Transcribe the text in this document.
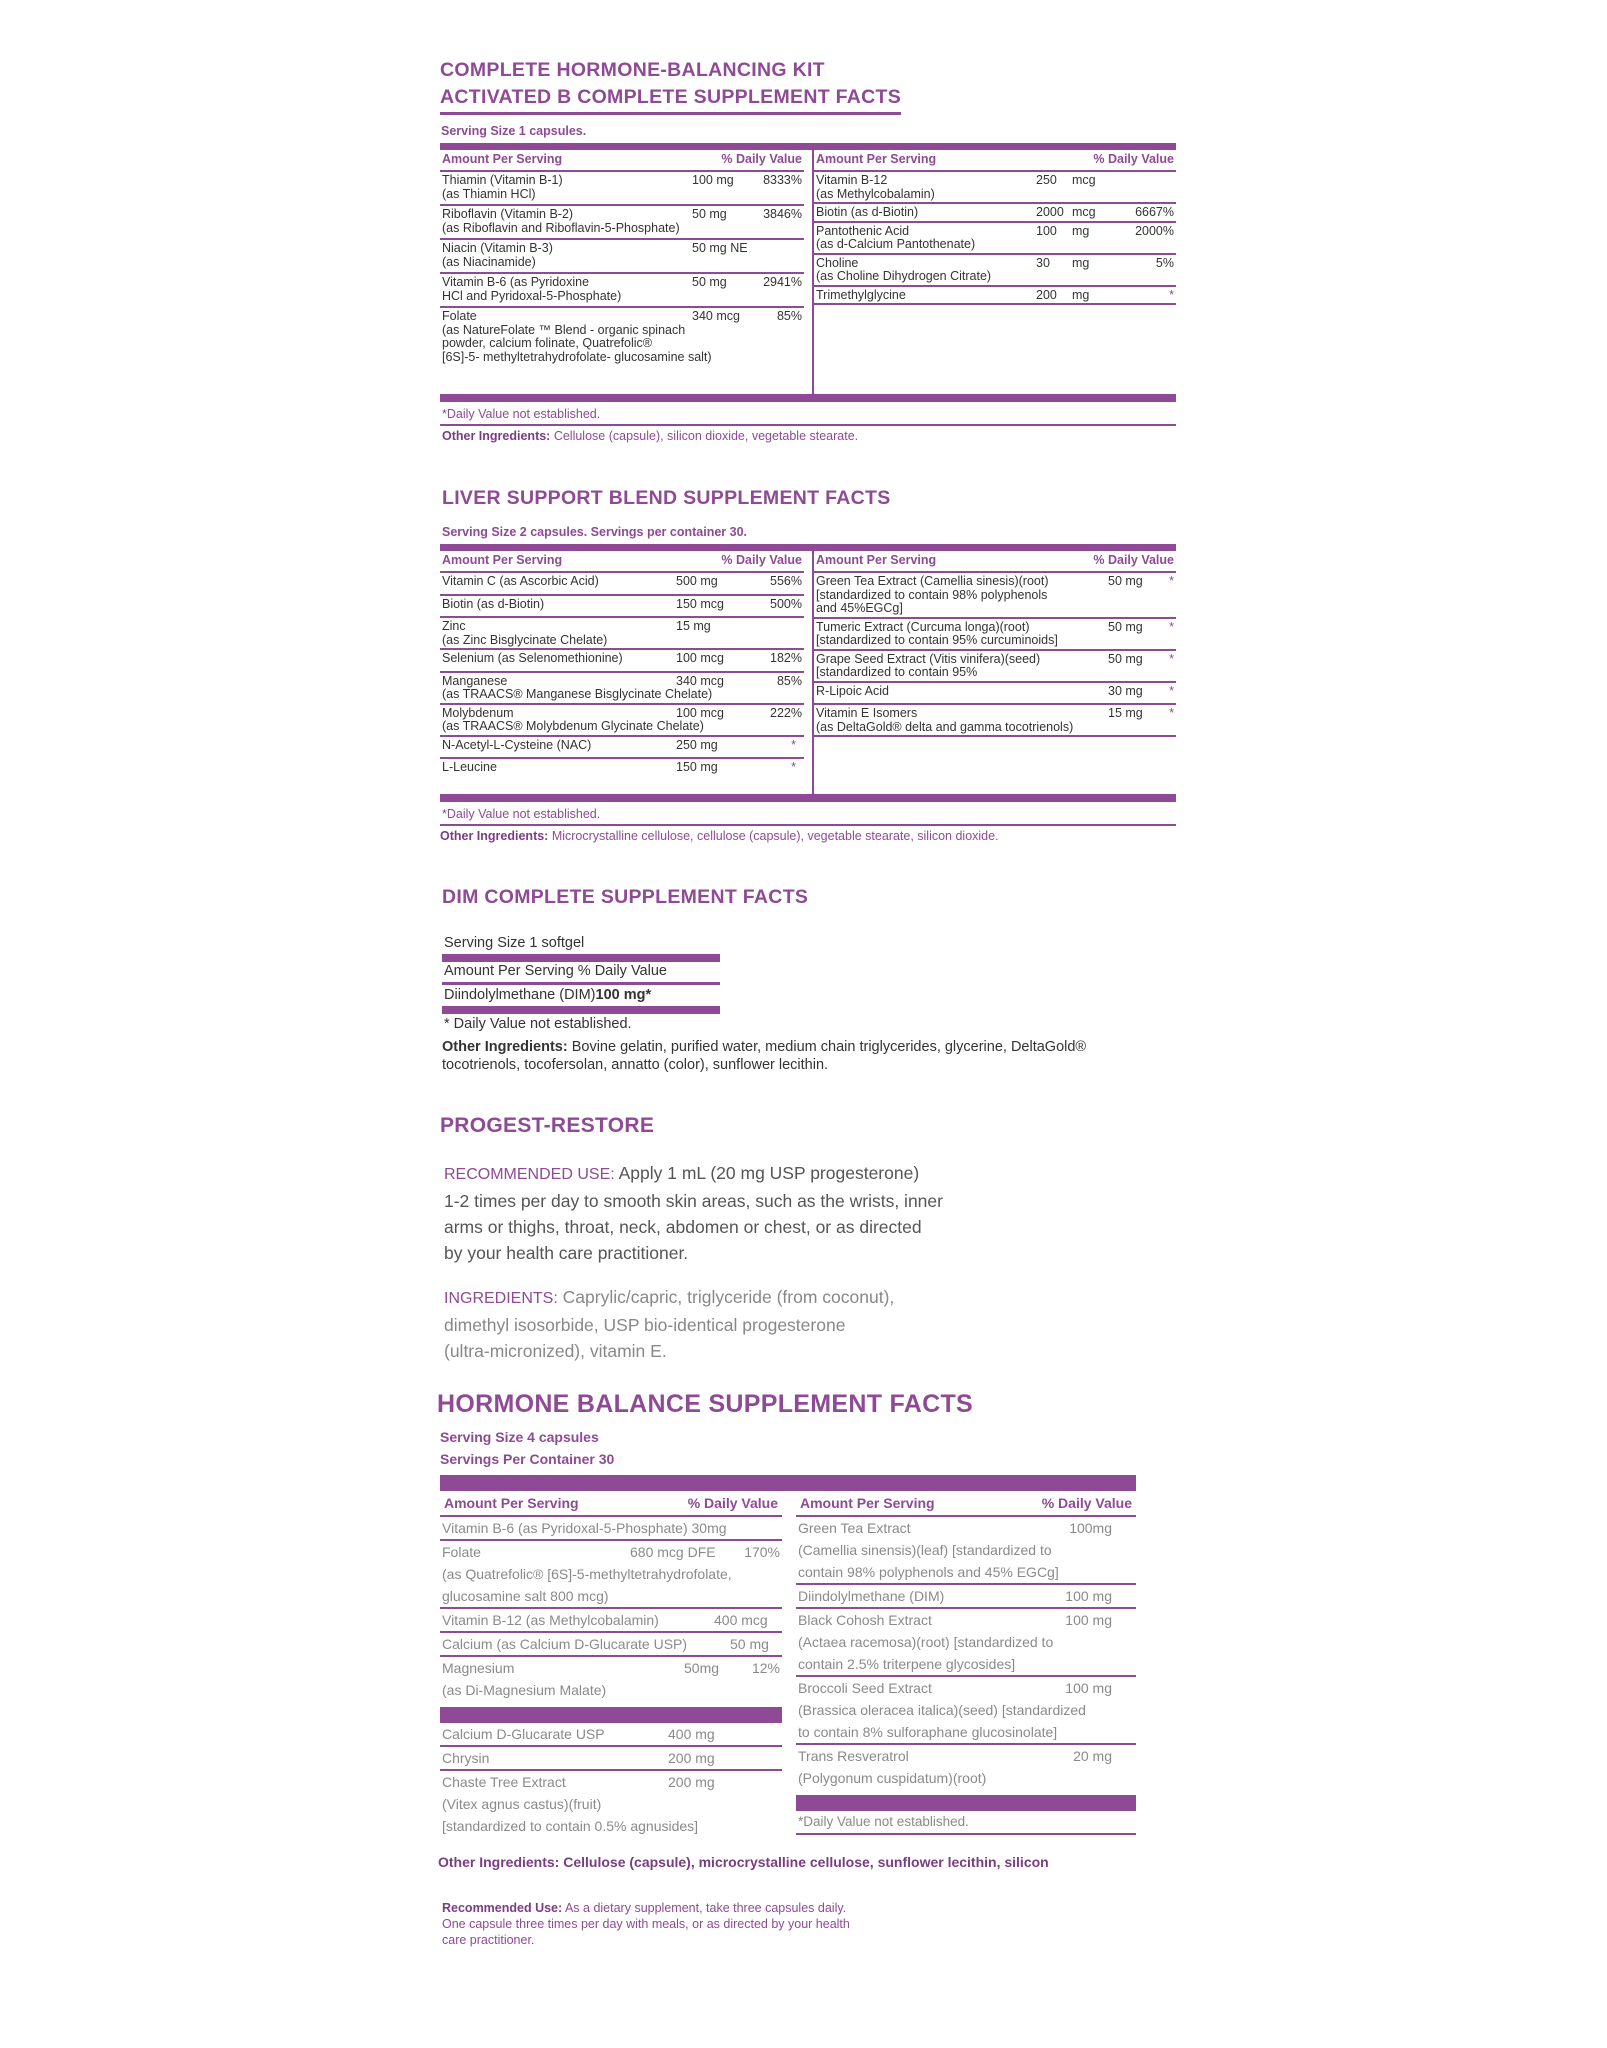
COMPLETE HORMONE-BALANCING KIT
ACTIVATED B COMPLETE SUPPLEMENT FACTS
Serving Size 1 capsules.
Amount Per Serving	% Daily Value
Thiamin (Vitamin B-1)
(as Thiamin HCl)
100 mg 8333%
Riboflavin (Vitamin B-2)
(as Riboflavin and Riboflavin-5-Phosphate)
50 mg	3846%
Niacin (Vitamin B-3)
(as Niacinamide)
50 mg NE
Vitamin B-6 (as Pyridoxine
HCl and Pyridoxal-5-Phosphate)
50 mg	2941%
Folate
(as NatureFolate ™ Blend - organic spinach
powder, calcium folinate, Quatrefolic®
[6S]-5- methyltetrahydrofolate- glucosamine salt)
340 mcg	85%
Amount Per Serving	% Daily Value
Vitamin B-12
(as Methylcobalamin)
250 mcg
Biotin (as d-Biotin)	2000 mcg	6667%
Pantothenic Acid
(as d-Calcium Pantothenate)
100 mg	2000%
Choline
(as Choline Dihydrogen Citrate)
30 mg	5%
Trimethylglycine	200 mg	*
*Daily Value not established.
Other Ingredients: Cellulose (capsule), silicon dioxide, vegetable stearate.
LIVER SUPPORT BLEND SUPPLEMENT FACTS
Serving Size 2 capsules. Servings per container 30.
Amount Per Serving	% Daily Value
Vitamin C (as Ascorbic Acid)	500 mg	556%
Biotin (as d-Biotin)	150 mcg	500%
Zinc
(as Zinc Bisglycinate Chelate)
15 mg
Selenium (as Selenomethionine)	100 mcg	182%
Manganese
(as TRAACS® Manganese Bisglycinate Chelate)
340 mcg	85%
Molybdenum
(as TRAACS® Molybdenum Glycinate Chelate)
100 mcg	222%
N-Acetyl-L-Cysteine (NAC)	250 mg	*
L-Leucine	150 mg	*
Amount Per Serving	% Daily Value
Green Tea Extract (Camellia sinesis)(root)
[standardized to contain 98% polyphenols
and 45%EGCg]
50 mg *
Tumeric Extract (Curcuma longa)(root)
[standardized to contain 95% curcuminoids]
50 mg *
Grape Seed Extract (Vitis vinifera)(seed)
[standardized to contain 95%
50 mg *
R-Lipoic Acid	30 mg *
Vitamin E Isomers
(as DeltaGold® delta and gamma tocotrienols)
15 mg *
*Daily Value not established.
Other Ingredients: Microcrystalline cellulose, cellulose (capsule), vegetable stearate, silicon dioxide.
DIM COMPLETE SUPPLEMENT FACTS
Serving Size 1 softgel
Amount Per Serving % Daily Value
Diindolylmethane (DIM)100 mg*
* Daily Value not established.
Other Ingredients: Bovine gelatin, purified water, medium chain triglycerides, glycerine, DeltaGold®
tocotrienols, tocofersolan, annatto (color), sunflower lecithin.
PROGEST-RESTORE
RECOMMENDED USE: Apply 1 mL (20 mg USP progesterone)
1-2 times per day to smooth skin areas, such as the wrists, inner
arms or thighs, throat, neck, abdomen or chest, or as directed
by your health care practitioner.
INGREDIENTS: Caprylic/capric, triglyceride (from coconut),
dimethyl isosorbide, USP bio-identical progesterone
(ultra-micronized), vitamin E.
HORMONE BALANCE SUPPLEMENT FACTS
Serving Size 4 capsules
Servings Per Container 30
Amount Per Serving	% Daily Value
Vitamin B-6 (as Pyridoxal-5-Phosphate) 30mg
Folate
(as Quatrefolic® [6S]-5-methyltetrahydrofolate,
glucosamine salt 800 mcg)
680 mcg DFE 170%
Vitamin B-12 (as Methylcobalamin)	400 mcg
Calcium (as Calcium D-Glucarate USP)	50 mg
Magnesium
(as Di-Magnesium Malate)
50mg 12%
Calcium D-Glucarate USP	400 mg
Chrysin	200 mg
Chaste Tree Extract
(Vitex agnus castus)(fruit)
[standardized to contain 0.5% agnusides]
200 mg
Amount Per Serving	% Daily Value
Green Tea Extract
(Camellia sinensis)(leaf) [standardized to
contain 98% polyphenols and 45% EGCg]
100mg
Diindolylmethane (DIM)	100 mg
Black Cohosh Extract
(Actaea racemosa)(root) [standardized to
contain 2.5% triterpene glycosides]
100 mg
Broccoli Seed Extract
(Brassica oleracea italica)(seed) [standardized
to contain 8% sulforaphane glucosinolate]
100 mg
Trans Resveratrol
(Polygonum cuspidatum)(root)
20 mg
*Daily Value not established.
Other Ingredients: Cellulose (capsule), microcrystalline cellulose, sunflower lecithin, silicon
Recommended Use: As a dietary supplement, take three capsules daily.
One capsule three times per day with meals, or as directed by your health
care practitioner.
